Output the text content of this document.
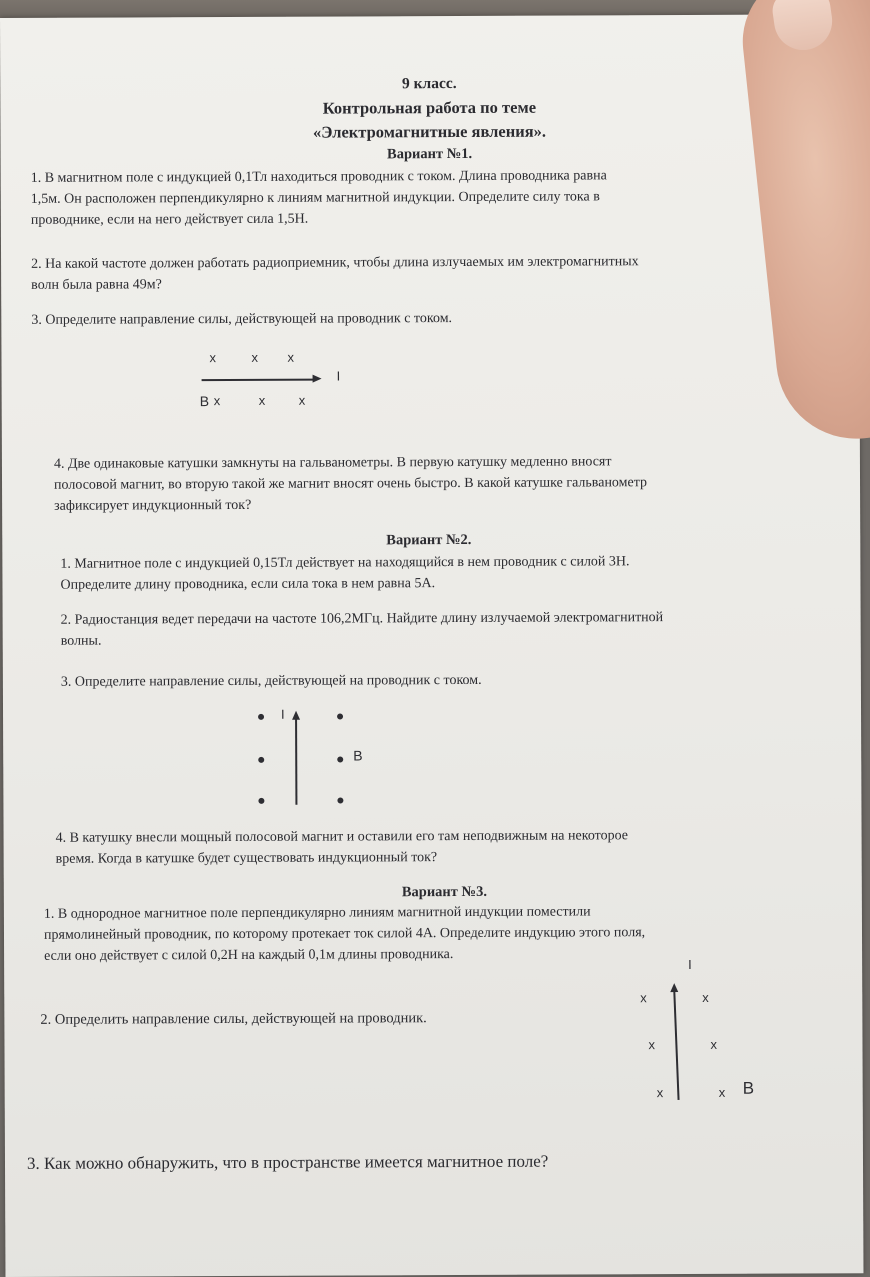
9 класс.
Контрольная работа по теме
«Электромагнитные явления».
Вариант №1.
1. В магнитном поле с индукцией 0,1Тл находиться проводник с током. Длина проводника равна
1,5м. Он расположен перпендикулярно к линиям магнитной индукции. Определите силу тока в
проводнике, если на него действует сила 1,5Н.
2. На какой частоте должен работать радиоприемник, чтобы длина излучаемых им электромагнитных
волн была равна 49м?
3. Определите направление силы, действующей на проводник с током.
x	x x
I
B x	x	x
4. Две одинаковые катушки замкнуты на гальванометры. В первую катушку медленно вносят
полосовой магнит, во вторую такой же магнит вносят очень быстро. В какой катушке гальванометр
зафиксирует индукционный ток?
Вариант №2.
1. Магнитное поле с индукцией 0,15Тл действует на находящийся в нем проводник с силой 3Н.
Определите длину проводника, если сила тока в нем равна 5А.
2. Радиостанция ведет передачи на частоте 106,2МГц. Найдите длину излучаемой электромагнитной
волны.
3. Определите направление силы, действующей на проводник с током.
I
B
4. В катушку внесли мощный полосовой магнит и оставили его там неподвижным на некоторое
время. Когда в катушке будет существовать индукционный ток?
Вариант №3.
1. В однородное магнитное поле перпендикулярно линиям магнитной индукции поместили
прямолинейный проводник, по которому протекает ток силой 4А. Определите индукцию этого поля,
если оно действует с силой 0,2Н на каждый 0,1м длины проводника.
2. Определить направление силы, действующей на проводник.
I
x	x
x	x
x	x B
3. Как можно обнаружить, что в пространстве имеется магнитное поле?
